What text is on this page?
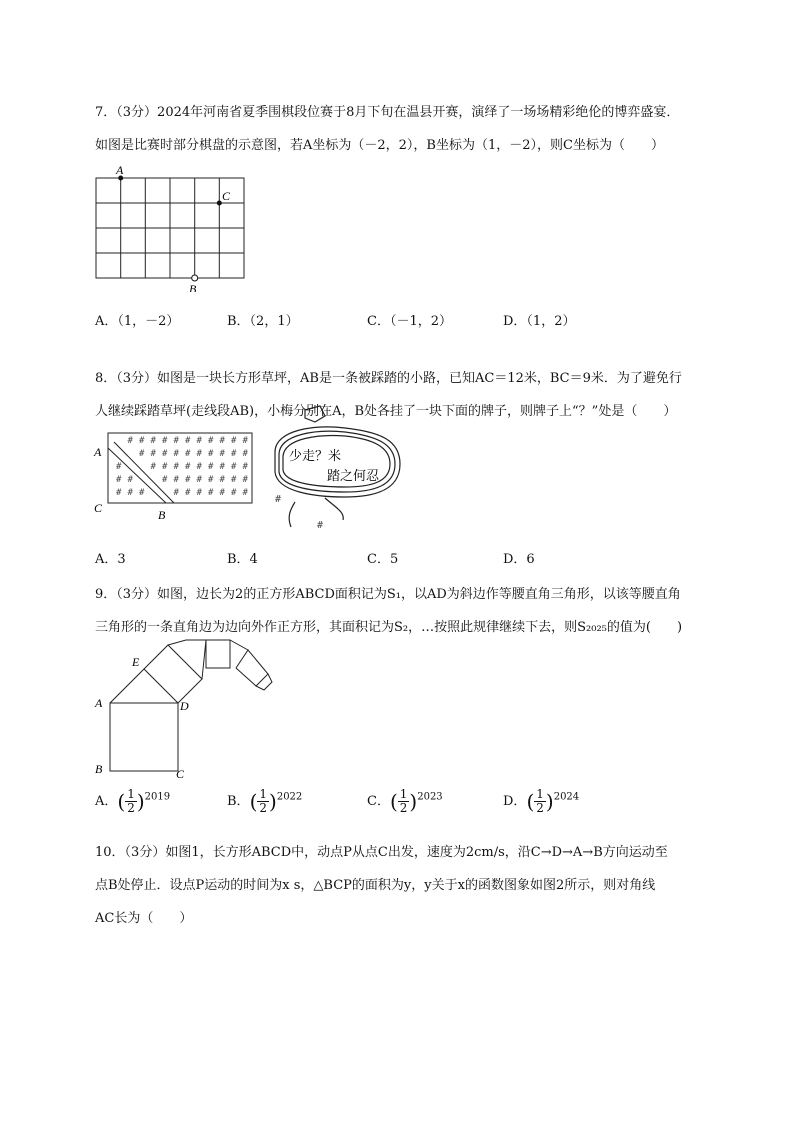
7．（3分）2024年河南省夏季围棋段位赛于8月下旬在温县开赛，演绎了一场场精彩绝伦的博弈盛宴．
如图是比赛时部分棋盘的示意图，若A坐标为（－2，2），B坐标为（1，－2），则C坐标为（　　）
A
C
B
A．（1，－2）	B．（2，1）	C．（－1，2）	D．（1，2）
8．（3分）如图是一块长方形草坪，AB是一条被踩踏的小路，已知AC＝12米，BC＝9米．为了避免行
人继续踩踏草坪(走线段AB)，小梅分别在A，B处各挂了一块下面的牌子，则牌子上“？”处是（　　）
# # # # # # # # # # #
# # # # # # # # # #
#	# # # # # # # # #
# #	# # # # # # # #
# # #	# # # # # # #
A
C	B
少走？米
踏之何忍
#
#
A．3	B．4	C．5	D．6
9．（3分）如图，边长为2的正方形ABCD面积记为S₁，以AD为斜边作等腰直角三角形，以该等腰直角
三角形的一条直角边为边向外作正方形，其面积记为S₂，…按照此规律继续下去，则S₂₀₂₅的值为(　　)
E
A	D
B	C
A．( $\frac{1}{2} )^{2019}$	B．( $\frac{1}{2} )^{2022}$	C．( $\frac{1}{2} )^{2023}$	D．( $\frac{1}{2} )^{2024}$
10．（3分）如图1，长方形ABCD中，动点P从点C出发，速度为2cm/s，沿C→D→A→B方向运动至
点B处停止．设点P运动的时间为x s，△BCP的面积为y，y关于x的函数图象如图2所示，则对角线
AC长为（　　）
